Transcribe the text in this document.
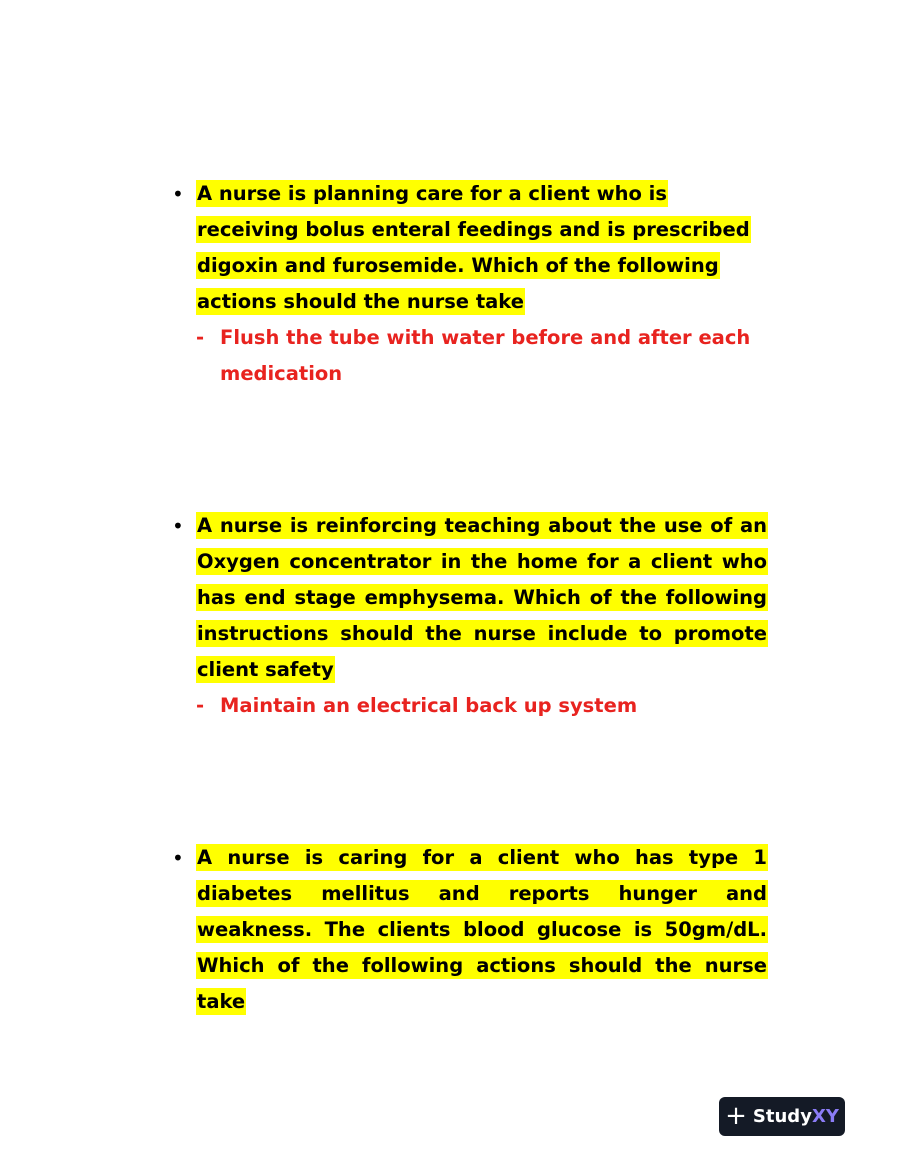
• A nurse is planning care for a client who is receiving bolus enteral feedings and is prescribed digoxin and furosemide. Which of the following actions should the nurse take
- Flush the tube with water before and after each medication
• A nurse is reinforcing teaching about the use of an Oxygen concentrator in the home for a client who has end stage emphysema. Which of the following instructions should the nurse include to promote client safety
- Maintain an electrical back up system
• A nurse is caring for a client who has type 1 diabetes mellitus and reports hunger and weakness. The clients blood glucose is 50gm/dL. Which of the following actions should the nurse take
+ Study XY
